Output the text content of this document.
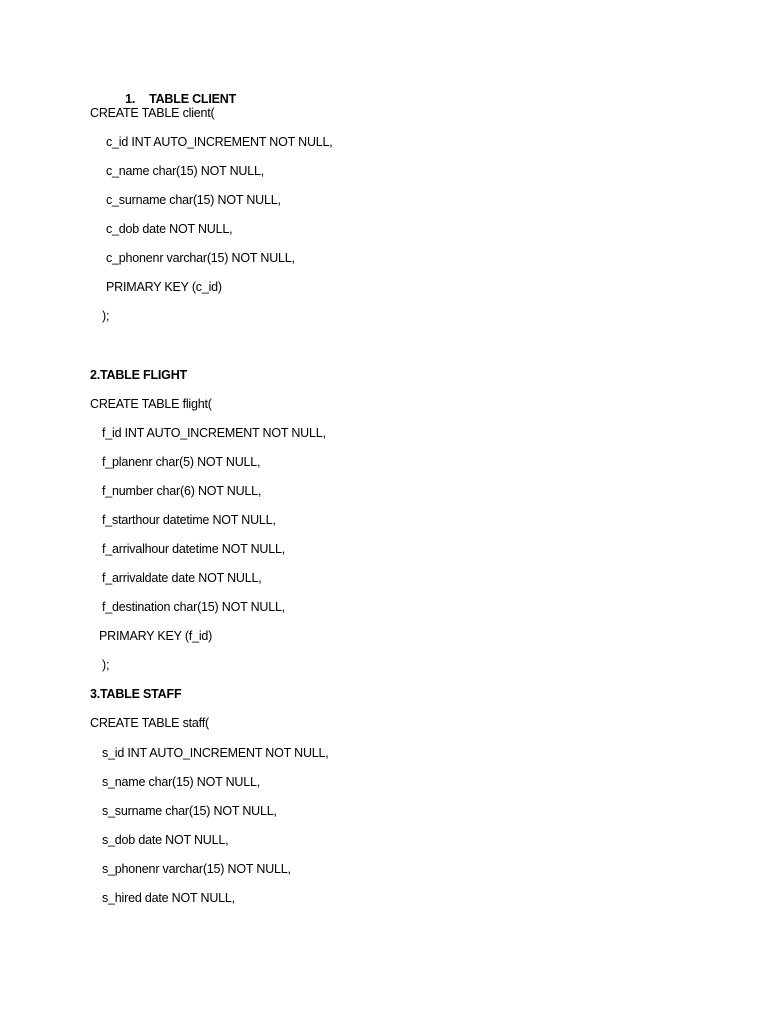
1. TABLE CLIENT

CREATE TABLE client(
c_id INT AUTO_INCREMENT NOT NULL,
c_name char(15) NOT NULL,
c_surname char(15) NOT NULL,
c_dob date NOT NULL,
c_phonenr varchar(15) NOT NULL,
PRIMARY KEY (c_id)
);
2.TABLE FLIGHT
CREATE TABLE flight(
f_id INT AUTO_INCREMENT NOT NULL,
f_planenr char(5) NOT NULL,
f_number char(6) NOT NULL,
f_starthour datetime NOT NULL,
f_arrivalhour datetime NOT NULL,
f_arrivaldate date NOT NULL,
f_destination char(15) NOT NULL,
PRIMARY KEY (f_id)
);
3.TABLE STAFF
CREATE TABLE staff(
s_id INT AUTO_INCREMENT NOT NULL,
s_name char(15) NOT NULL,
s_surname char(15) NOT NULL,
s_dob date NOT NULL,
s_phonenr varchar(15) NOT NULL,
s_hired date NOT NULL,
